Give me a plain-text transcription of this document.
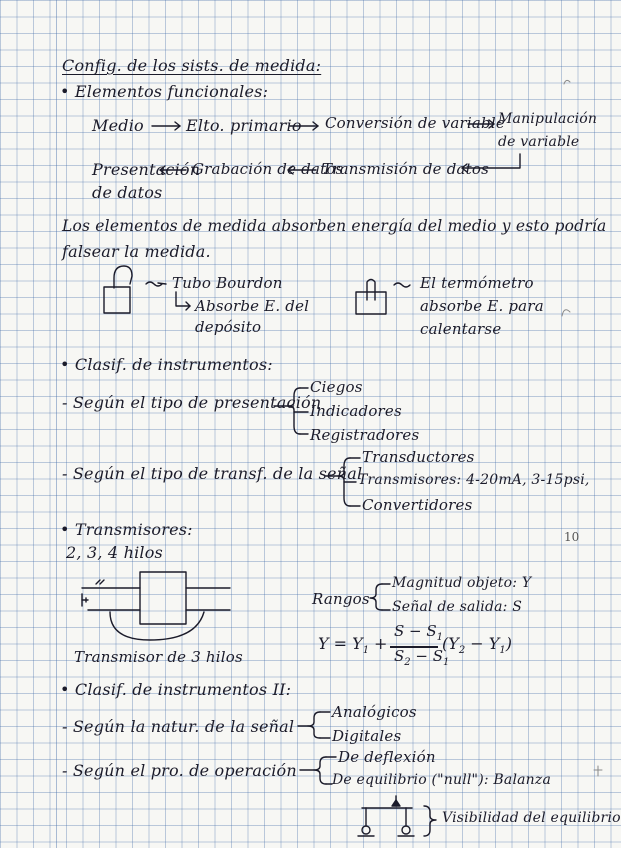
Config. de los sists. de medida:
• Elementos funcionales:
Medio	Elto. primario Conversión de variable
Manipulación
de variable
Presentación
de datos
Grabación de datos
Transmisión de datos
Los elementos de medida absorben energía del medio y esto podría
falsear la medida.
Tubo Bourdon
Absorbe E. del
depósito
El termómetro
absorbe E. para
calentarse
• Clasif. de instrumentos:
- Según el tipo de presentación
Ciegos
Indicadores
Registradores
- Según el tipo de transf. de la señal
Transductores
Transmisores: 4-20mA, 3-15psi,
Convertidores
• Transmisores:
2, 3, 4 hilos
Transmisor de 3 hilos
Rangos
Magnitud objeto: Y
Señal de salida: S
$Y = Y_1$ +
$S - S_1$
$S_2 - S_1$
$(Y_2 - Y_1)$
• Clasif. de instrumentos II:
- Según la natur. de la señal
Analógicos
Digitales
- Según el pro. de operación
De deflexión
De equilibrio ("null"): Balanza
Visibilidad del equilibrio
10
